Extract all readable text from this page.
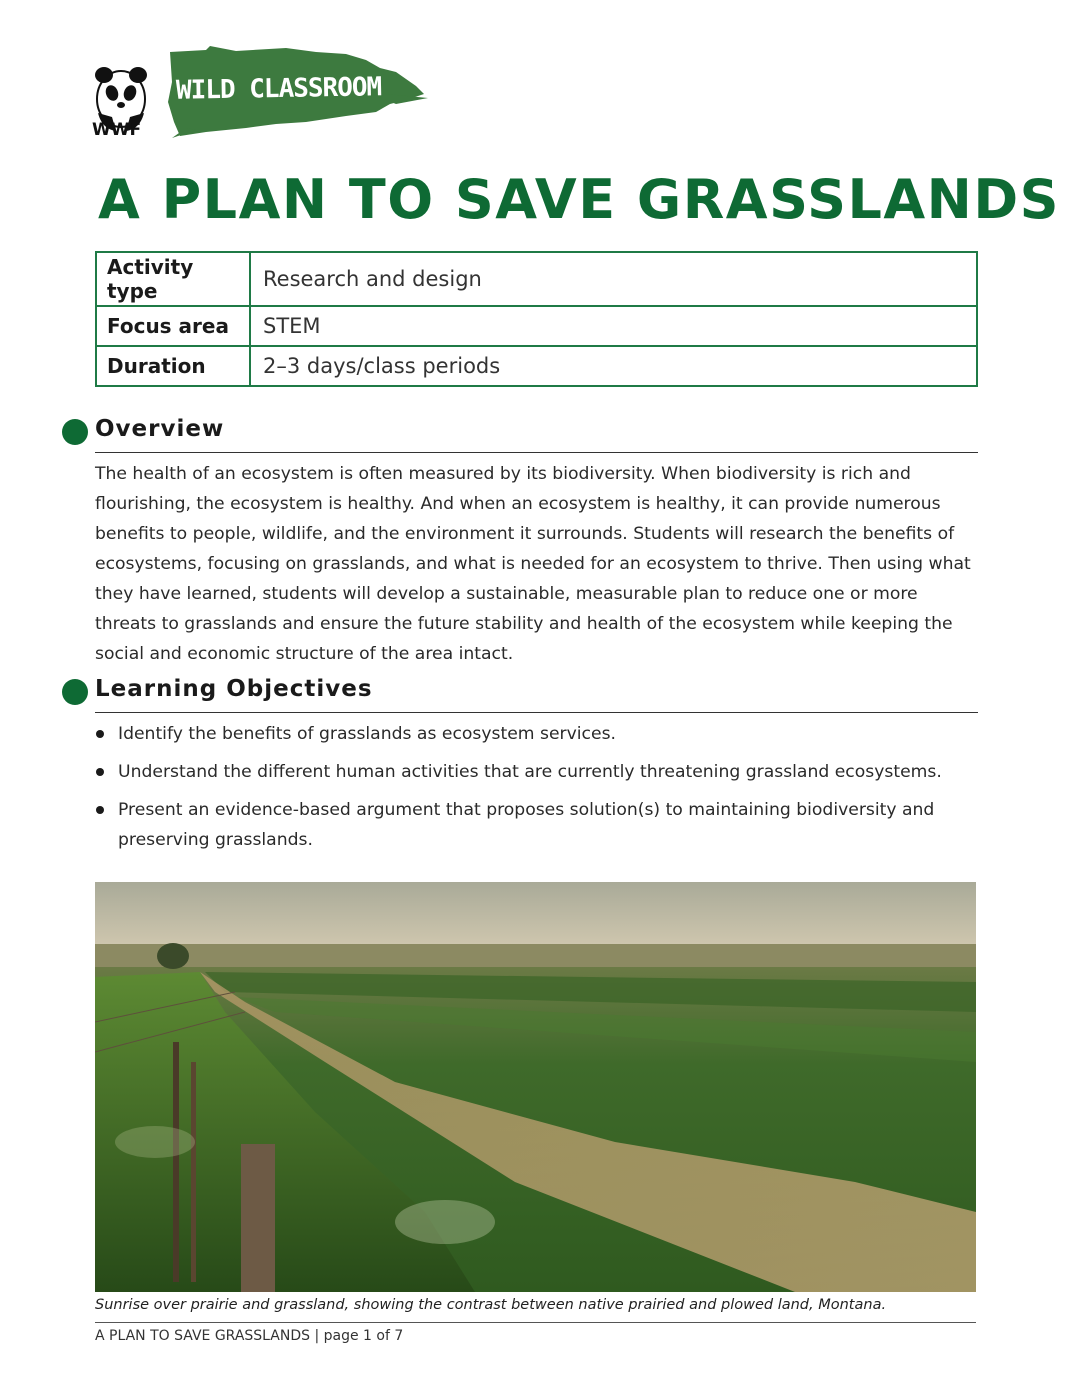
WWF
WILD CLASSROOM
A PLAN TO SAVE GRASSLANDS
Activity type	Research and design
Focus area	STEM
Duration	2–3 days/class periods
Overview

The health of an ecosystem is often measured by its biodiversity. When biodiversity is rich and flourishing, the ecosystem is healthy. And when an ecosystem is healthy, it can provide numerous benefits to people, wildlife, and the environment it surrounds. Students will research the benefits of ecosystems, focusing on grasslands, and what is needed for an ecosystem to thrive. Then using what they have learned, students will develop a sustainable, measurable plan to reduce one or more threats to grasslands and ensure the future stability and health of the ecosystem while keeping the social and economic structure of the area intact.

Learning Objectives
Identify the benefits of grasslands as ecosystem services.
Understand the different human activities that are currently threatening grassland ecosystems.
Present an evidence-based argument that proposes solution(s) to maintaining biodiversity and preserving grasslands.
Sunrise over prairie and grassland, showing the contrast between native prairied and plowed land, Montana.
A PLAN TO SAVE GRASSLANDS | page 1 of 7
